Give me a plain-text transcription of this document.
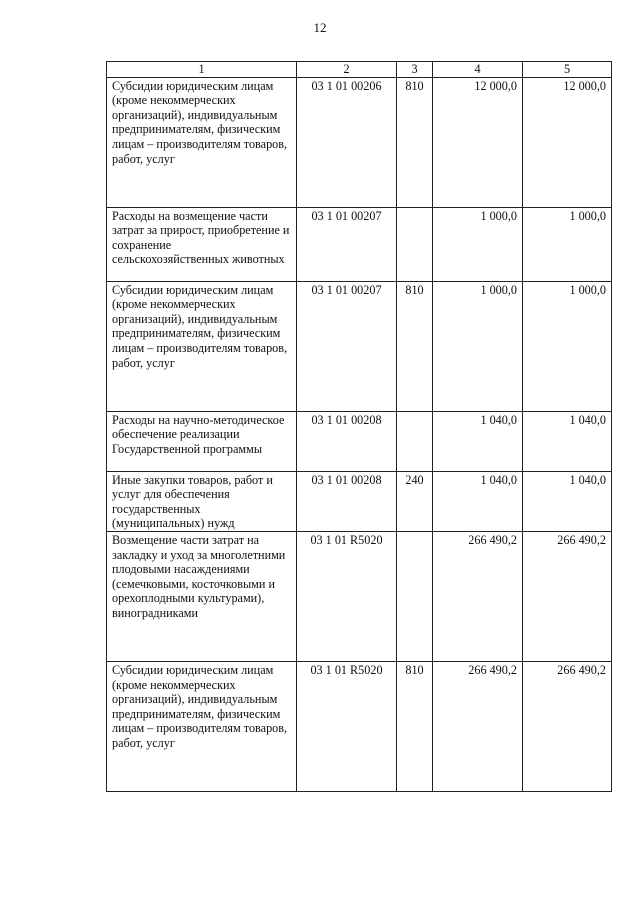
12
1	2	3	4	5
Субсидии юридическим лицам (кроме некоммерческих организаций), индивидуальным предпринимателям, физическим лицам – производителям товаров, работ, услуг	03 1 01 00206	810	12 000,0	12 000,0
Расходы на возмещение части затрат за прирост, приобретение и сохранение сельскохозяйственных животных	03 1 01 00207		1 000,0	1 000,0
Субсидии юридическим лицам (кроме некоммерческих организаций), индивидуальным предпринимателям, физическим лицам – производителям товаров, работ, услуг	03 1 01 00207	810	1 000,0	1 000,0
Расходы на научно-методическое обеспечение реализации Государственной программы	03 1 01 00208		1 040,0	1 040,0
Иные закупки товаров, работ и услуг для обеспечения государственных (муниципальных) нужд	03 1 01 00208	240	1 040,0	1 040,0
Возмещение части затрат на закладку и уход за многолетними плодовыми насаждениями (семечковыми, косточковыми и орехоплодными культурами), виноградниками	03 1 01 R5020		266 490,2	266 490,2
Субсидии юридическим лицам (кроме некоммерческих организаций), индивидуальным предпринимателям, физическим лицам – производителям товаров, работ, услуг	03 1 01 R5020	810	266 490,2	266 490,2
